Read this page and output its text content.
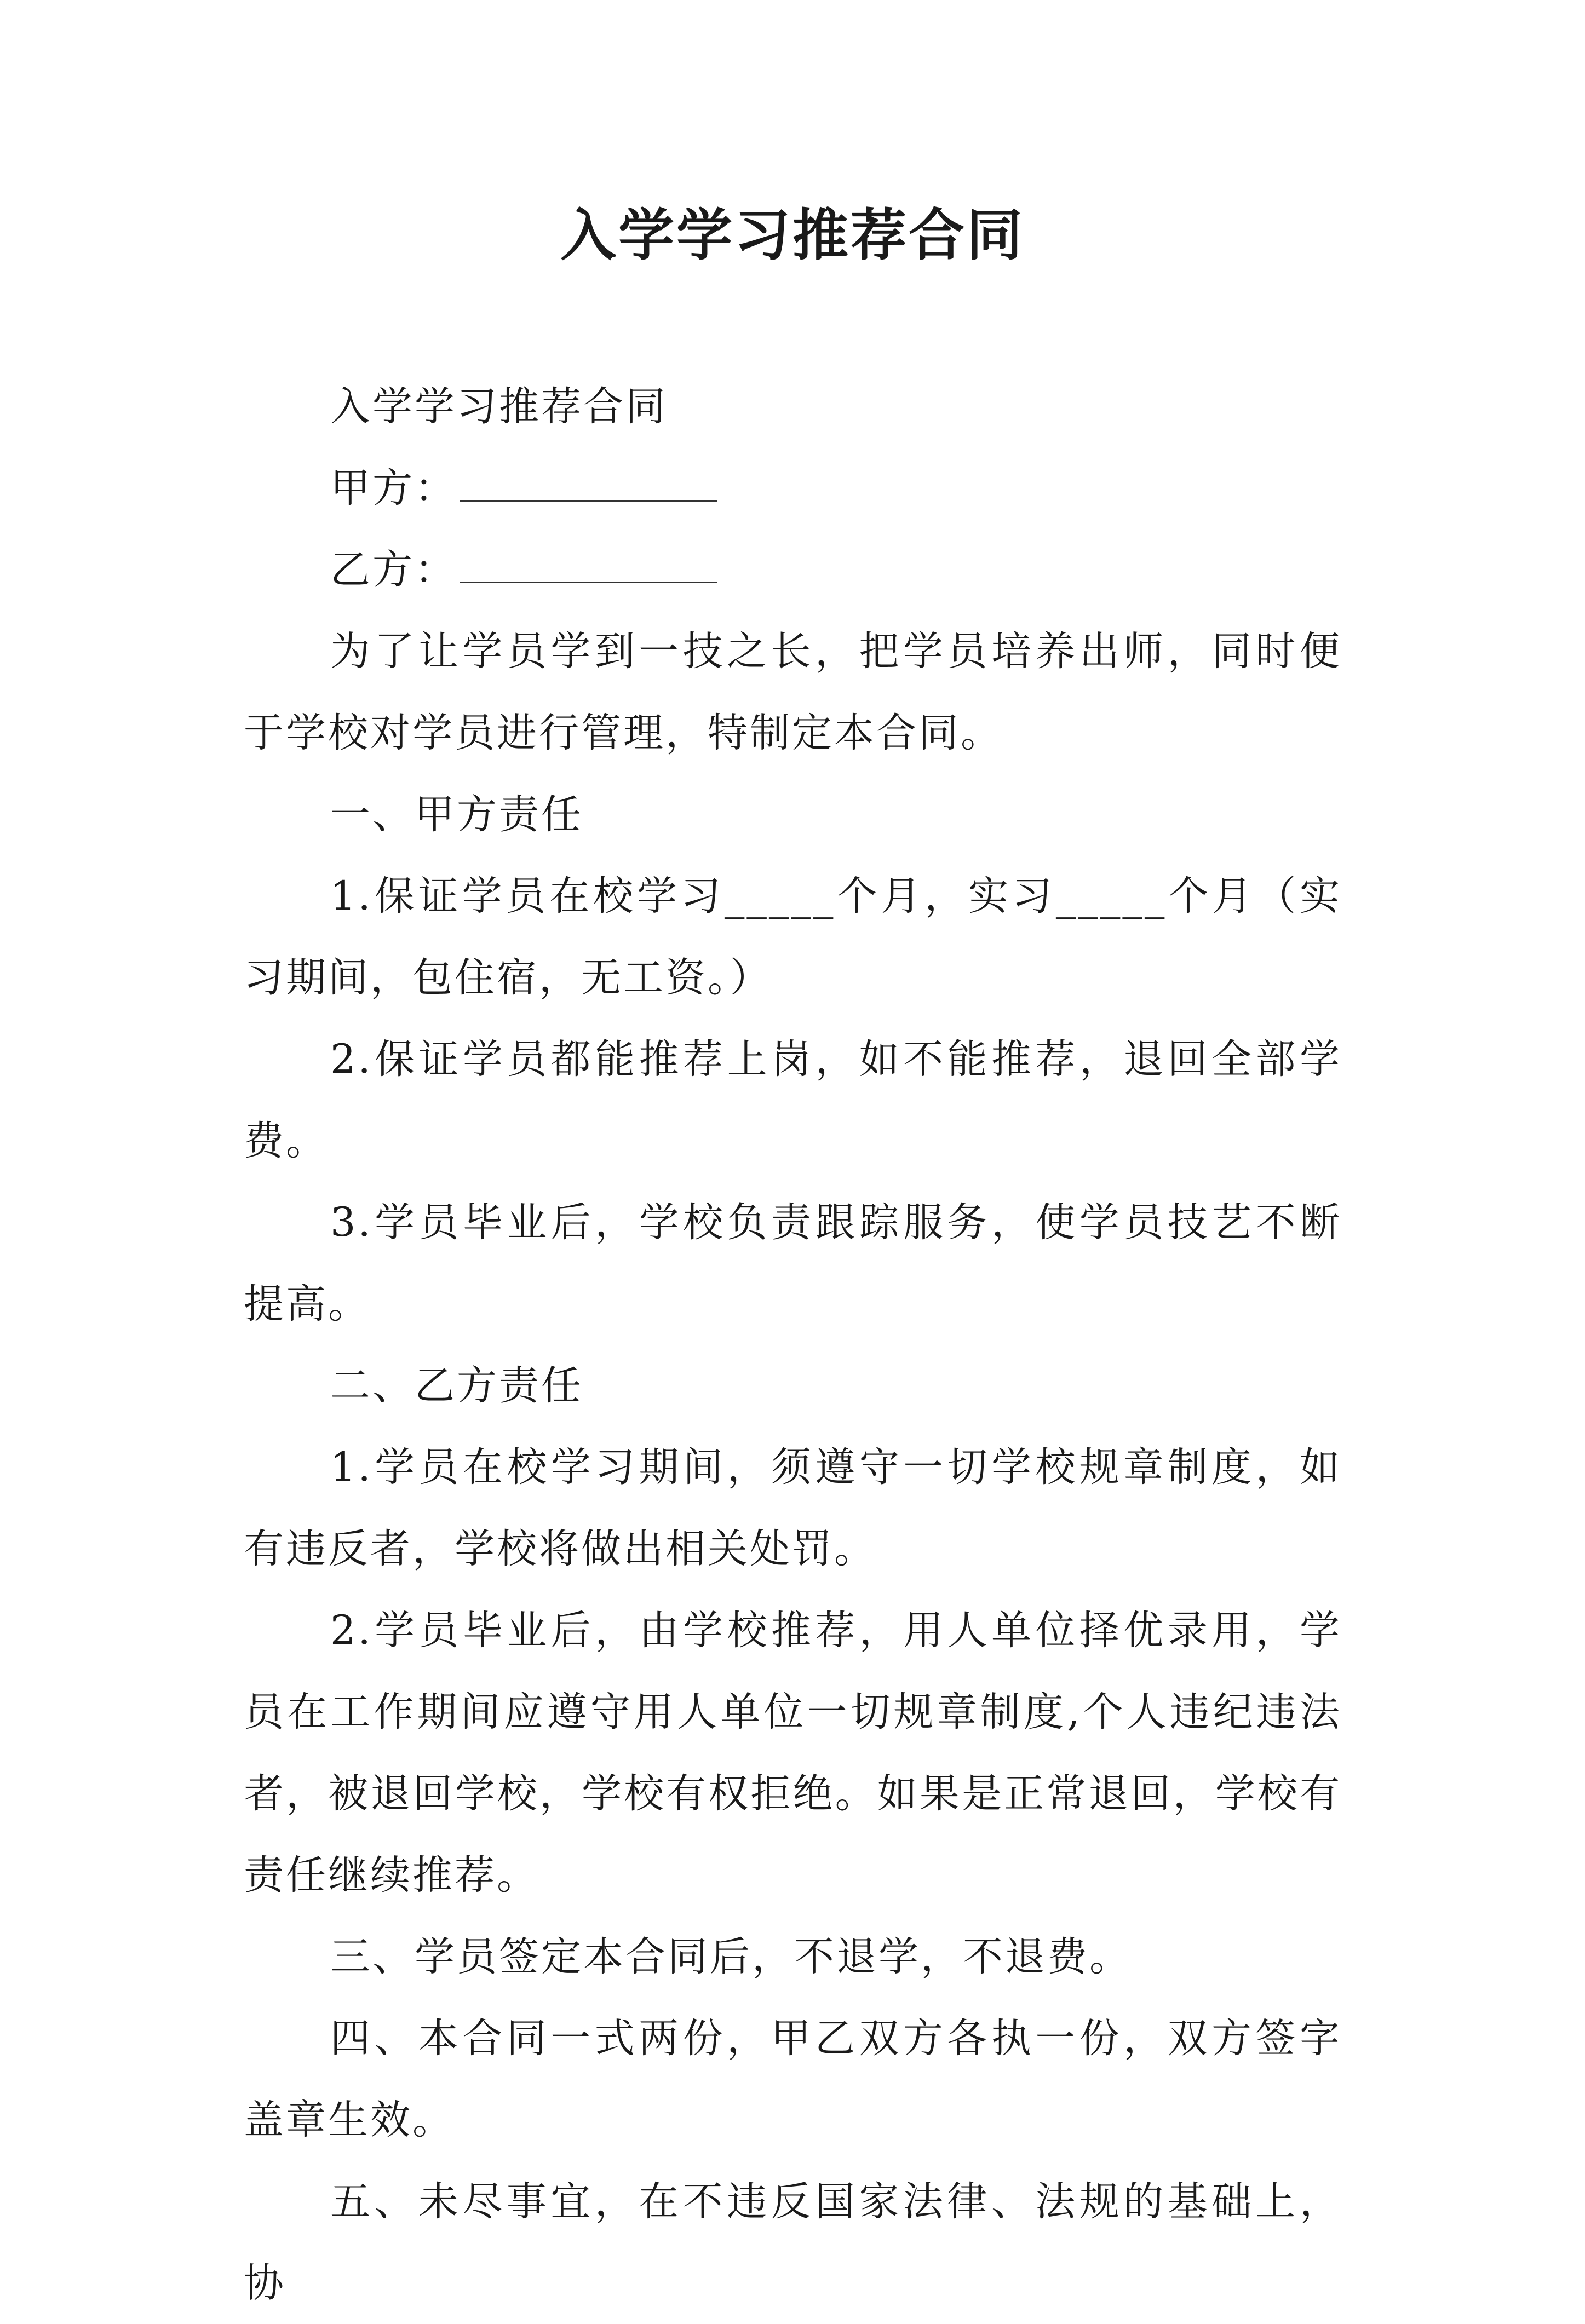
入学学习推荐合同

入学学习推荐合同

甲方：

乙方：

为了让学员学到一技之长，把学员培养出师，同时便于学校对学员进行管理，特制定本合同。

一、甲方责任

1.保证学员在校学习_____个月，实习_____个月（实习期间，包住宿，无工资。）

2.保证学员都能推荐上岗，如不能推荐，退回全部学费。

3.学员毕业后，学校负责跟踪服务，使学员技艺不断提高。

二、乙方责任

1.学员在校学习期间，须遵守一切学校规章制度，如有违反者，学校将做出相关处罚。

2.学员毕业后，由学校推荐，用人单位择优录用，学员在工作期间应遵守用人单位一切规章制度,个人违纪违法者，被退回学校，学校有权拒绝。如果是正常退回，学校有责任继续推荐。

三、学员签定本合同后，不退学，不退费。

四、本合同一式两份，甲乙双方各执一份，双方签字盖章生效。

五、未尽事宜，在不违反国家法律、法规的基础上，协
